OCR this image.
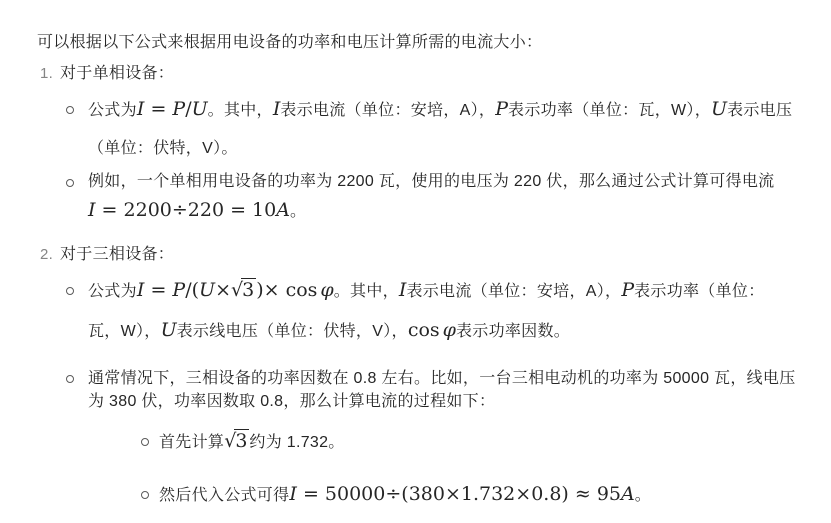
可以根据以下公式来根据用电设备的功率和电压计算所需的电流大小：

1. 对于单相设备：
公式为I = P/U。其中，I表示电流（单位：安培，A），P表示功率（单位：瓦，W），U表示电压（单位：伏特，V）。
例如，一个单相用电设备的功率为 2200 瓦，使用的电压为 220 伏，那么通过公式计算可得电流I = 2200÷220 = 10A。
2. 对于三相设备：
公式为I = P/(U×√3 )× cos φ。其中，I表示电流（单位：安培，A），P表示功率（单位：瓦，W），U表示线电压（单位：伏特，V），cos φ表示功率因数。
通常情况下，三相设备的功率因数在 0.8 左右。比如，一台三相电动机的功率为 50000 瓦，线电压为 380 伏，功率因数取 0.8，那么计算电流的过程如下：
首先计算√3 约为 1.732。
然后代入公式可得I = 50000÷(380×1.732×0.8) ≈ 95A。
